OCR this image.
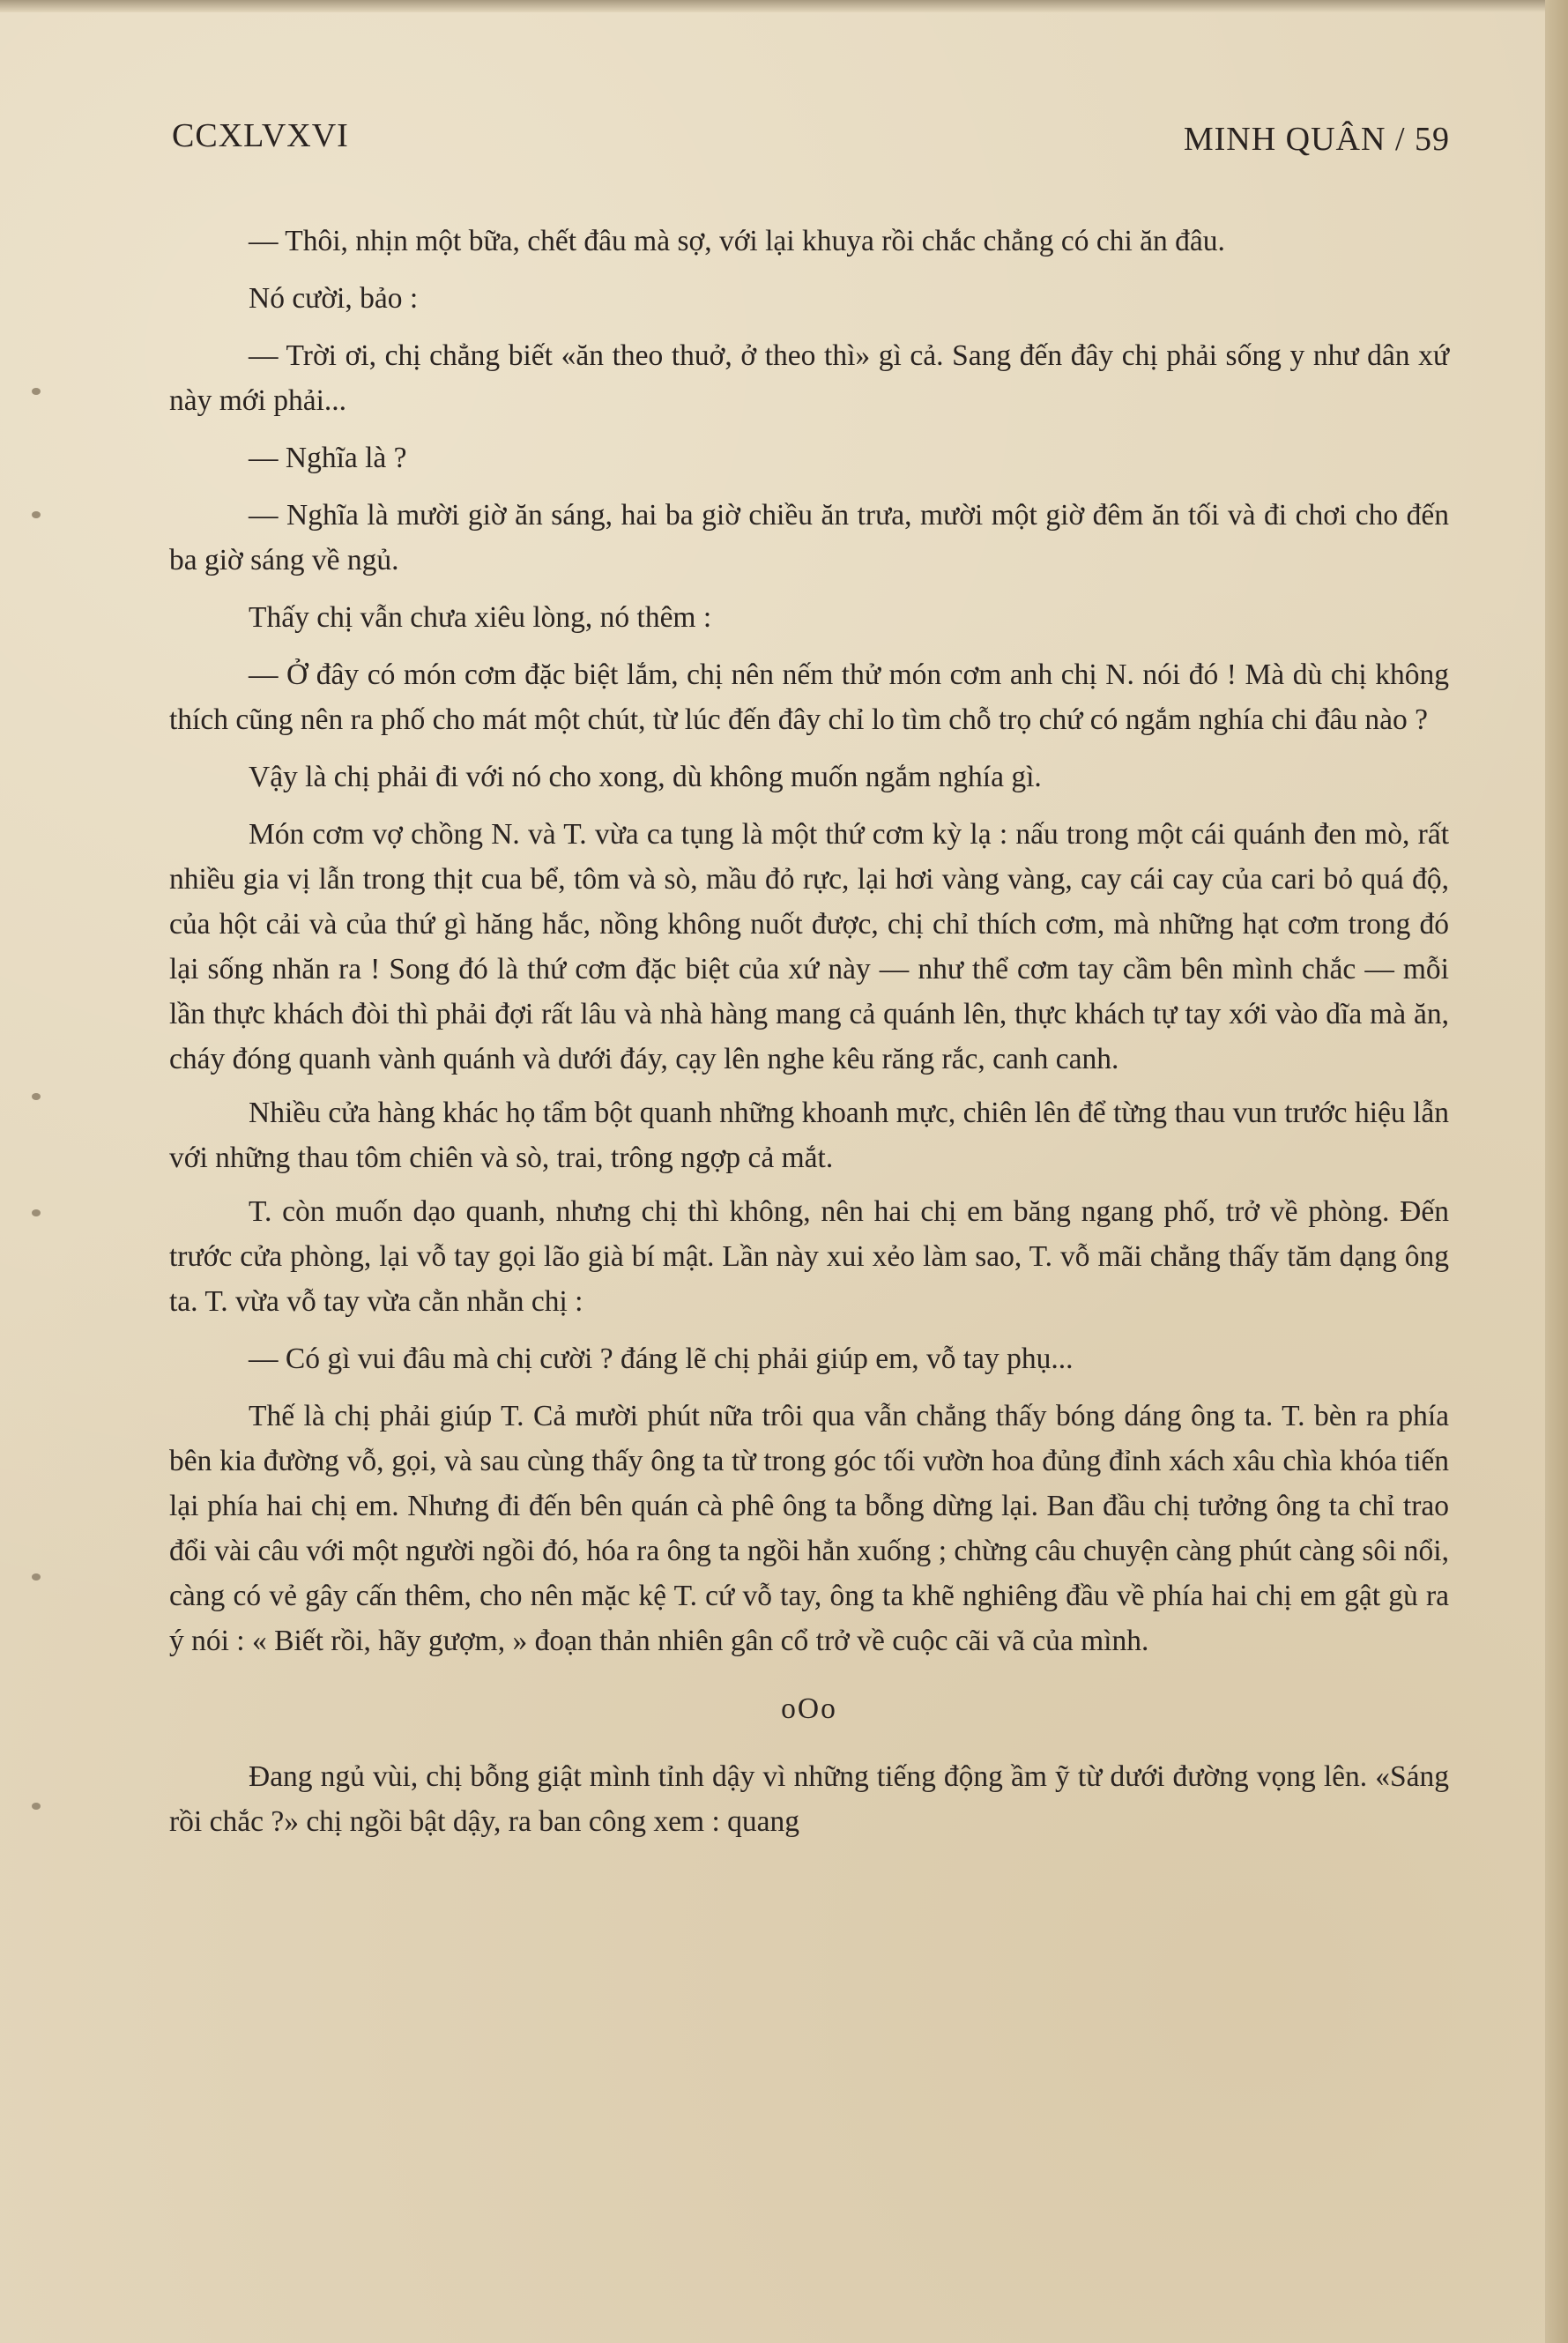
CCXLVXVI	MINH QUÂN / 59

— Thôi, nhịn một bữa, chết đâu mà sợ, với lại khuya rồi chắc chẳng có chi ăn đâu.

Nó cười, bảo :

— Trời ơi, chị chẳng biết «ăn theo thuở, ở theo thì» gì cả. Sang đến đây chị phải sống y như dân xứ này mới phải...

— Nghĩa là ?

— Nghĩa là mười giờ ăn sáng, hai ba giờ chiều ăn trưa, mười một giờ đêm ăn tối và đi chơi cho đến ba giờ sáng về ngủ.

Thấy chị vẫn chưa xiêu lòng, nó thêm :

— Ở đây có món cơm đặc biệt lắm, chị nên nếm thử món cơm anh chị N. nói đó ! Mà dù chị không thích cũng nên ra phố cho mát một chút, từ lúc đến đây chỉ lo tìm chỗ trọ chứ có ngắm nghía chi đâu nào ?

Vậy là chị phải đi với nó cho xong, dù không muốn ngắm nghía gì.

Món cơm vợ chồng N. và T. vừa ca tụng là một thứ cơm kỳ lạ : nấu trong một cái quánh đen mò, rất nhiều gia vị lẫn trong thịt cua bể, tôm và sò, mầu đỏ rực, lại hơi vàng vàng, cay cái cay của cari bỏ quá độ, của hột cải và của thứ gì hăng hắc, nồng không nuốt được, chị chỉ thích cơm, mà những hạt cơm trong đó lại sống nhăn ra ! Song đó là thứ cơm đặc biệt của xứ này — như thể cơm tay cầm bên mình chắc — mỗi lần thực khách đòi thì phải đợi rất lâu và nhà hàng mang cả quánh lên, thực khách tự tay xới vào dĩa mà ăn, cháy đóng quanh vành quánh và dưới đáy, cạy lên nghe kêu răng rắc, canh canh.

Nhiều cửa hàng khác họ tẩm bột quanh những khoanh mực, chiên lên để từng thau vun trước hiệu lẫn với những thau tôm chiên và sò, trai, trông ngợp cả mắt.

T. còn muốn dạo quanh, nhưng chị thì không, nên hai chị em băng ngang phố, trở về phòng. Đến trước cửa phòng, lại vỗ tay gọi lão già bí mật. Lần này xui xẻo làm sao, T. vỗ mãi chẳng thấy tăm dạng ông ta. T. vừa vỗ tay vừa cằn nhằn chị :

— Có gì vui đâu mà chị cười ? đáng lẽ chị phải giúp em, vỗ tay phụ...

Thế là chị phải giúp T. Cả mười phút nữa trôi qua vẫn chẳng thấy bóng dáng ông ta. T. bèn ra phía bên kia đường vỗ, gọi, và sau cùng thấy ông ta từ trong góc tối vườn hoa đủng đỉnh xách xâu chìa khóa tiến lại phía hai chị em. Nhưng đi đến bên quán cà phê ông ta bỗng dừng lại. Ban đầu chị tưởng ông ta chỉ trao đổi vài câu với một người ngồi đó, hóa ra ông ta ngồi hẳn xuống ; chừng câu chuyện càng phút càng sôi nổi, càng có vẻ gây cấn thêm, cho nên mặc kệ T. cứ vỗ tay, ông ta khẽ nghiêng đầu về phía hai chị em gật gù ra ý nói : « Biết rồi, hãy gượm, » đoạn thản nhiên gân cổ trở về cuộc cãi vã của mình.

oOo

Đang ngủ vùi, chị bỗng giật mình tỉnh dậy vì những tiếng động ầm ỹ từ dưới đường vọng lên. «Sáng rồi chắc ?» chị ngồi bật dậy, ra ban công xem : quang
